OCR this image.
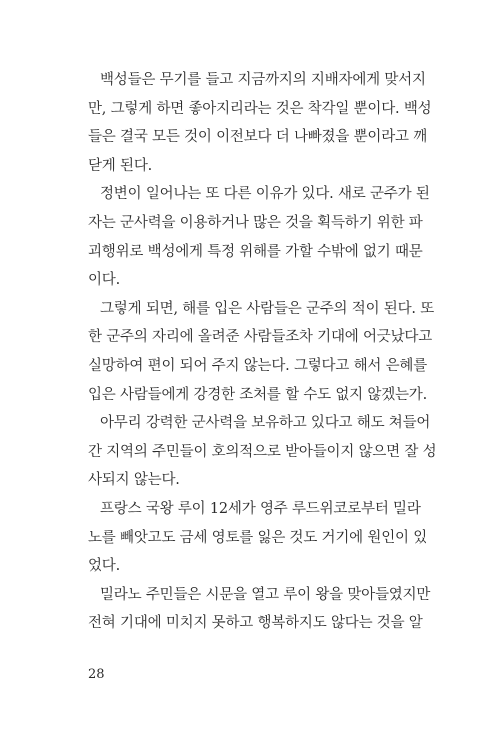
백성들은 무기를 들고 지금까지의 지배자에게 맞서지
만, 그렇게 하면 좋아지리라는 것은 착각일 뿐이다. 백성
들은 결국 모든 것이 이전보다 더 나빠졌을 뿐이라고 깨
닫게 된다.

정변이 일어나는 또 다른 이유가 있다. 새로 군주가 된
자는 군사력을 이용하거나 많은 것을 획득하기 위한 파
괴행위로 백성에게 특정 위해를 가할 수밖에 없기 때문
이다.

그렇게 되면, 해를 입은 사람들은 군주의 적이 된다. 또
한 군주의 자리에 올려준 사람들조차 기대에 어긋났다고
실망하여 편이 되어 주지 않는다. 그렇다고 해서 은혜를
입은 사람들에게 강경한 조처를 할 수도 없지 않겠는가.

아무리 강력한 군사력을 보유하고 있다고 해도 쳐들어
간 지역의 주민들이 호의적으로 받아들이지 않으면 잘 성
사되지 않는다.

프랑스 국왕 루이 12세가 영주 루드위코로부터 밀라
노를 빼앗고도 금세 영토를 잃은 것도 거기에 원인이 있
었다.

밀라노 주민들은 시문을 열고 루이 왕을 맞아들였지만
전혀 기대에 미치지 못하고 행복하지도 않다는 것을 알

28
